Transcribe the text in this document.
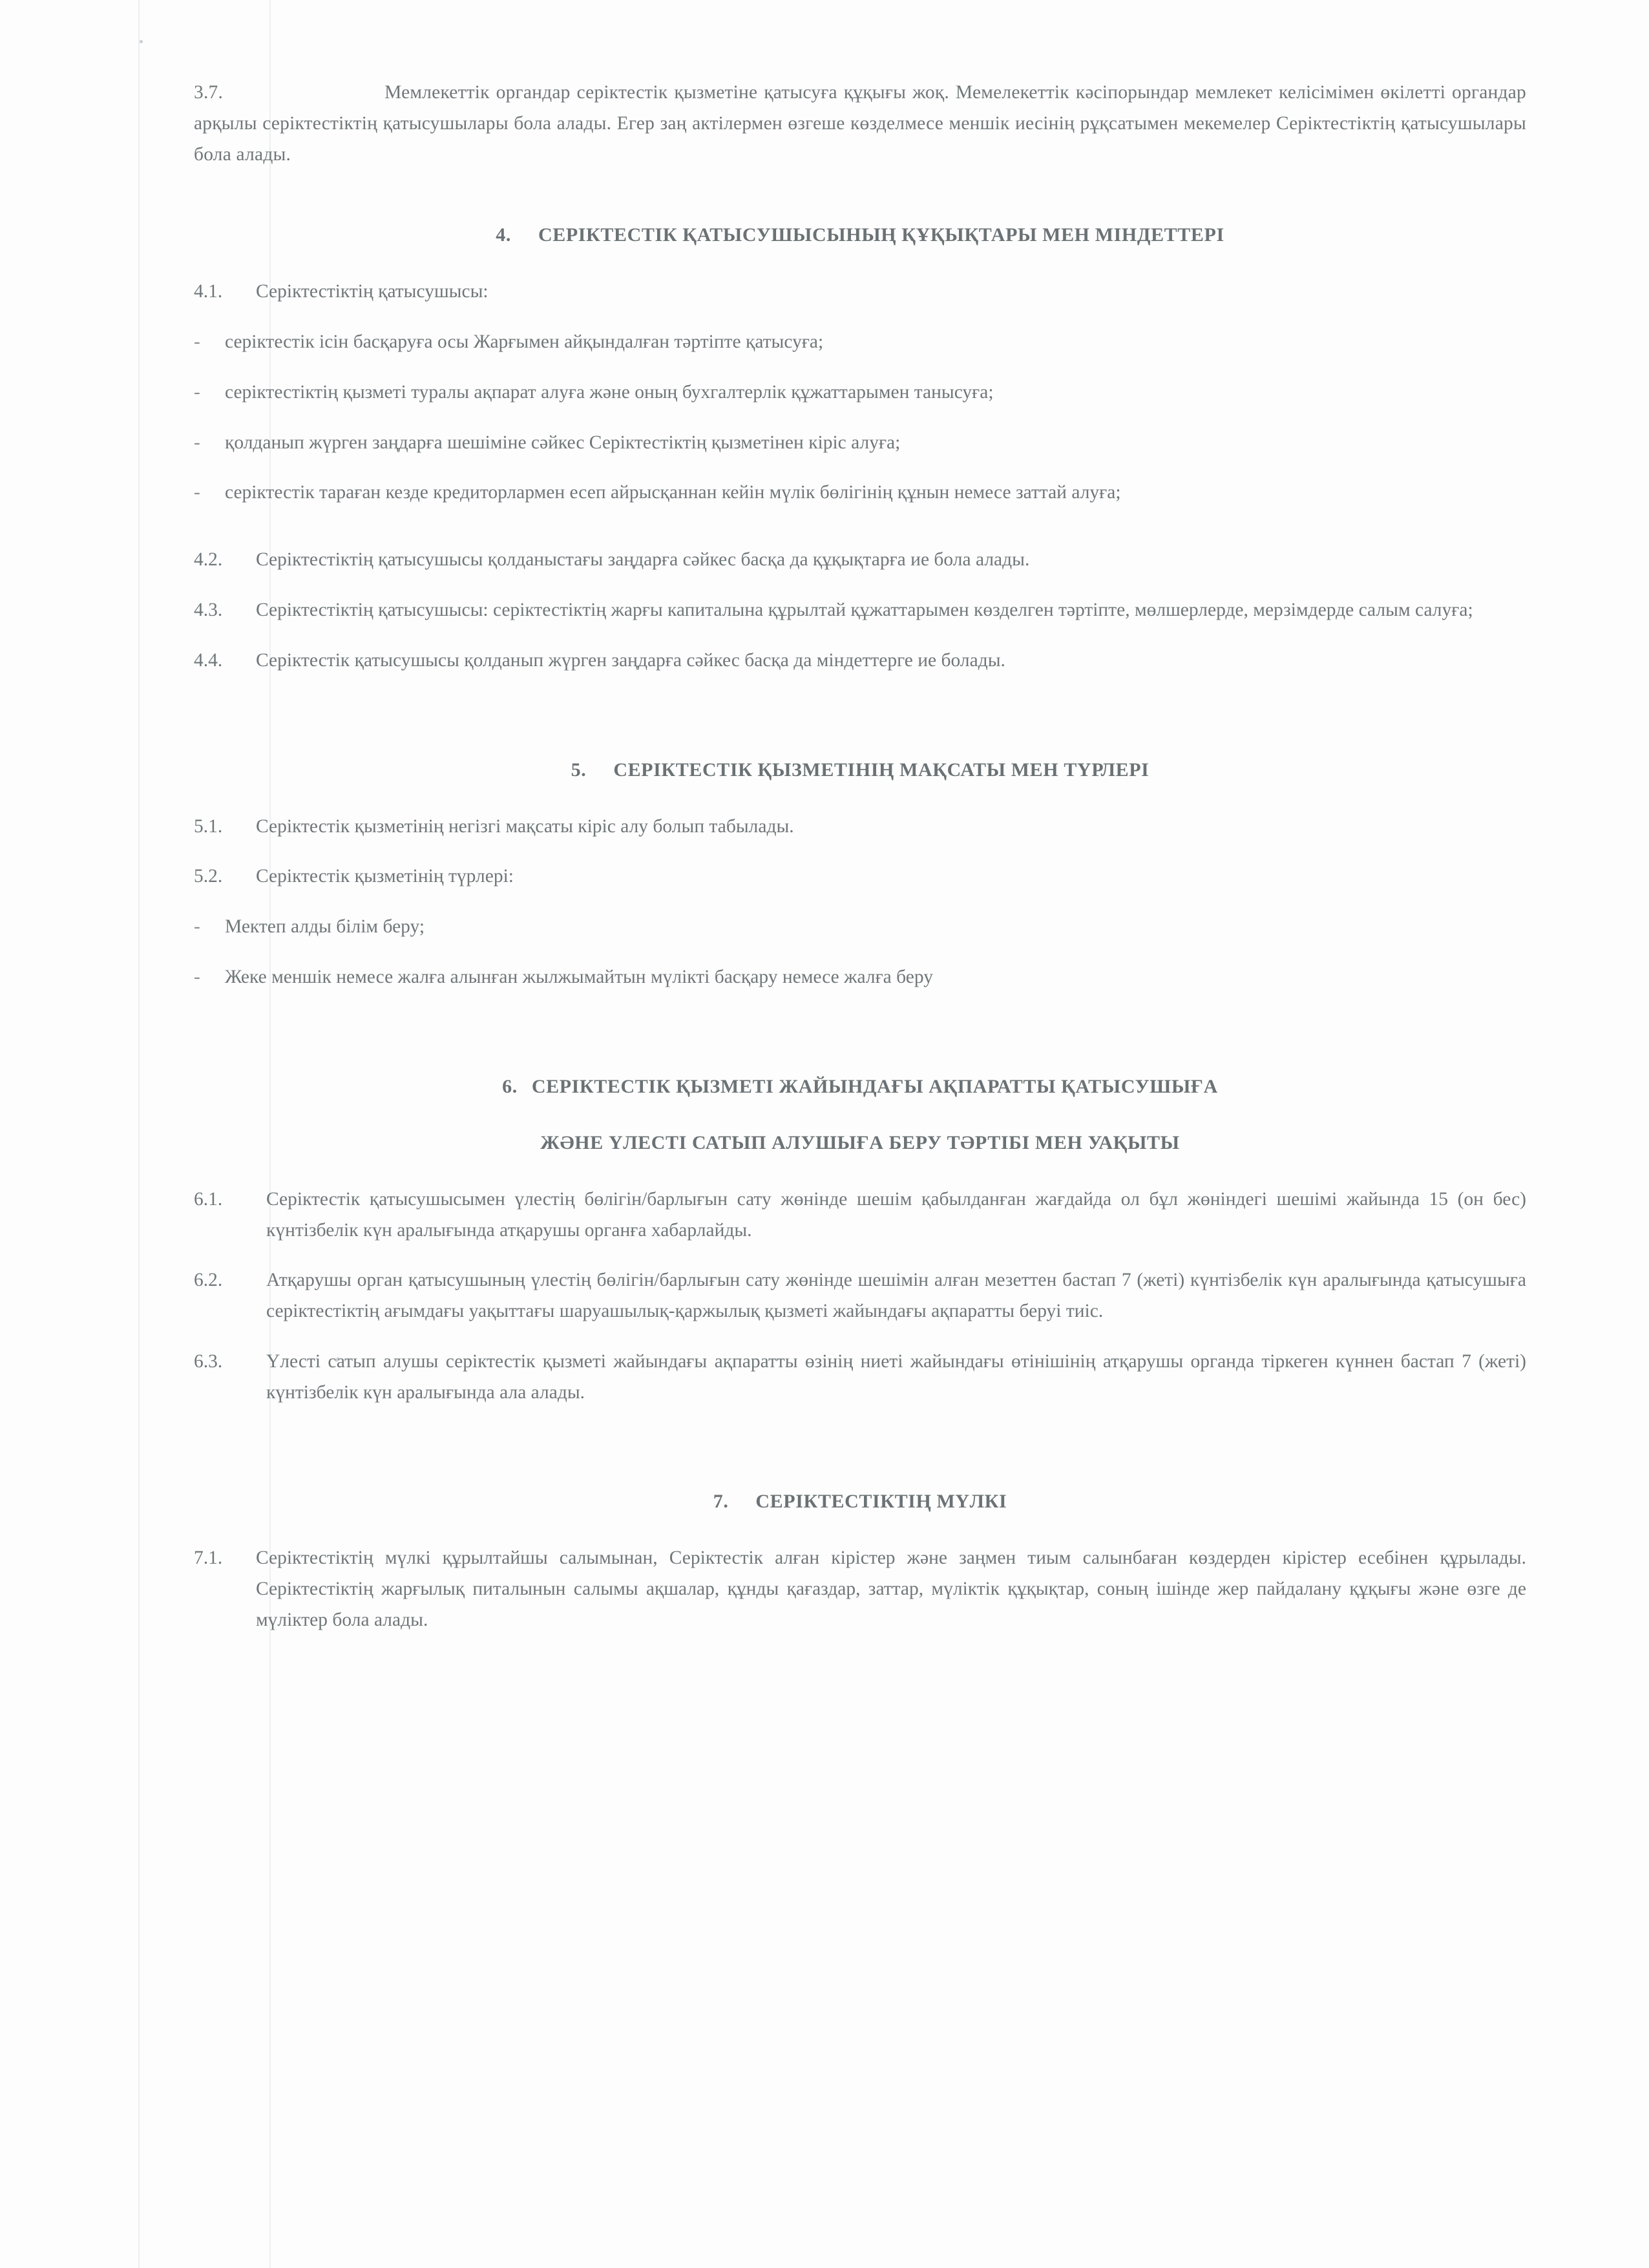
3.7.	Мемлекеттік органдар серіктестік қызметіне қатысуға құқығы жоқ. Мемелекеттік кәсіпорындар мемлекет келісімімен өкілетті органдар арқылы серіктестіктің қатысушылары бола алады. Егер заң актілермен өзгеше көзделмесе меншік иесінің рұқсатымен мекемелер Серіктестіктің қатысушылары бола алады.

4. СЕРІКТЕСТІК ҚАТЫСУШЫСЫНЫҢ ҚҰҚЫҚТАРЫ МЕН МІНДЕТТЕРІ
4.1.	Серіктестіктің қатысушысы:
-	серіктестік ісін басқаруға осы Жарғымен айқындалған тәртіпте қатысуға;
-	серіктестіктің қызметі туралы ақпарат алуға және оның бухгалтерлік құжаттарымен танысуға;
-	қолданып жүрген заңдарға шешіміне сәйкес Серіктестіктің қызметінен кіріс алуға;
-	серіктестік тараған кезде кредиторлармен есеп айрысқаннан кейін мүлік бөлігінің құнын немесе заттай алуға;
4.2.	Серіктестіктің қатысушысы қолданыстағы заңдарға сәйкес басқа да құқықтарға ие бола алады.
4.3.	Серіктестіктің қатысушысы: серіктестіктің жарғы капиталына құрылтай құжаттарымен көзделген тәртіпте, мөлшерлерде, мерзімдерде салым салуға;
4.4.	Серіктестік қатысушысы қолданып жүрген заңдарға сәйкес басқа да міндеттерге ие болады.
5. СЕРІКТЕСТІК ҚЫЗМЕТІНІҢ МАҚСАТЫ МЕН ТҮРЛЕРІ
5.1.	Серіктестік қызметінің негізгі мақсаты кіріс алу болып табылады.
5.2.	Серіктестік қызметінің түрлері:
-	Мектеп алды білім беру;
-	Жеке меншік немесе жалға алынған жылжымайтын мүлікті басқару немесе жалға беру
6. СЕРІКТЕСТІК ҚЫЗМЕТІ ЖАЙЫНДАҒЫ АҚПАРАТТЫ ҚАТЫСУШЫҒА
ЖӘНЕ ҮЛЕСТІ САТЫП АЛУШЫҒА БЕРУ ТӘРТІБІ МЕН УАҚЫТЫ
6.1.	Серіктестік қатысушысымен үлестің бөлігін/барлығын сату жөнінде шешім қабылданған жағдайда ол бұл жөніндегі шешімі жайында 15 (он бес) күнтізбелік күн аралығында атқарушы органға хабарлайды.
6.2.	Атқарушы орган қатысушының үлестің бөлігін/барлығын сату жөнінде шешімін алған мезеттен бастап 7 (жеті) күнтізбелік күн аралығында қатысушыға серіктестіктің ағымдағы уақыттағы шаруашылық-қаржылық қызметі жайындағы ақпаратты беруі тиіс.
6.3.	Үлесті сатып алушы серіктестік қызметі жайындағы ақпаратты өзінің ниеті жайындағы өтінішінің атқарушы органда тіркеген күннен бастап 7 (жеті) күнтізбелік күн аралығында ала алады.
7. СЕРІКТЕСТІКТІҢ МҮЛКІ
7.1.	Серіктестіктің мүлкі құрылтайшы салымынан, Серіктестік алған кірістер және заңмен тиым салынбаған көздерден кірістер есебінен құрылады. Серіктестіктің жарғылық питалынын салымы ақшалар, құнды қағаздар, заттар, мүліктік құқықтар, соның ішінде жер пайдалану құқығы және өзге де мүліктер бола алады.
